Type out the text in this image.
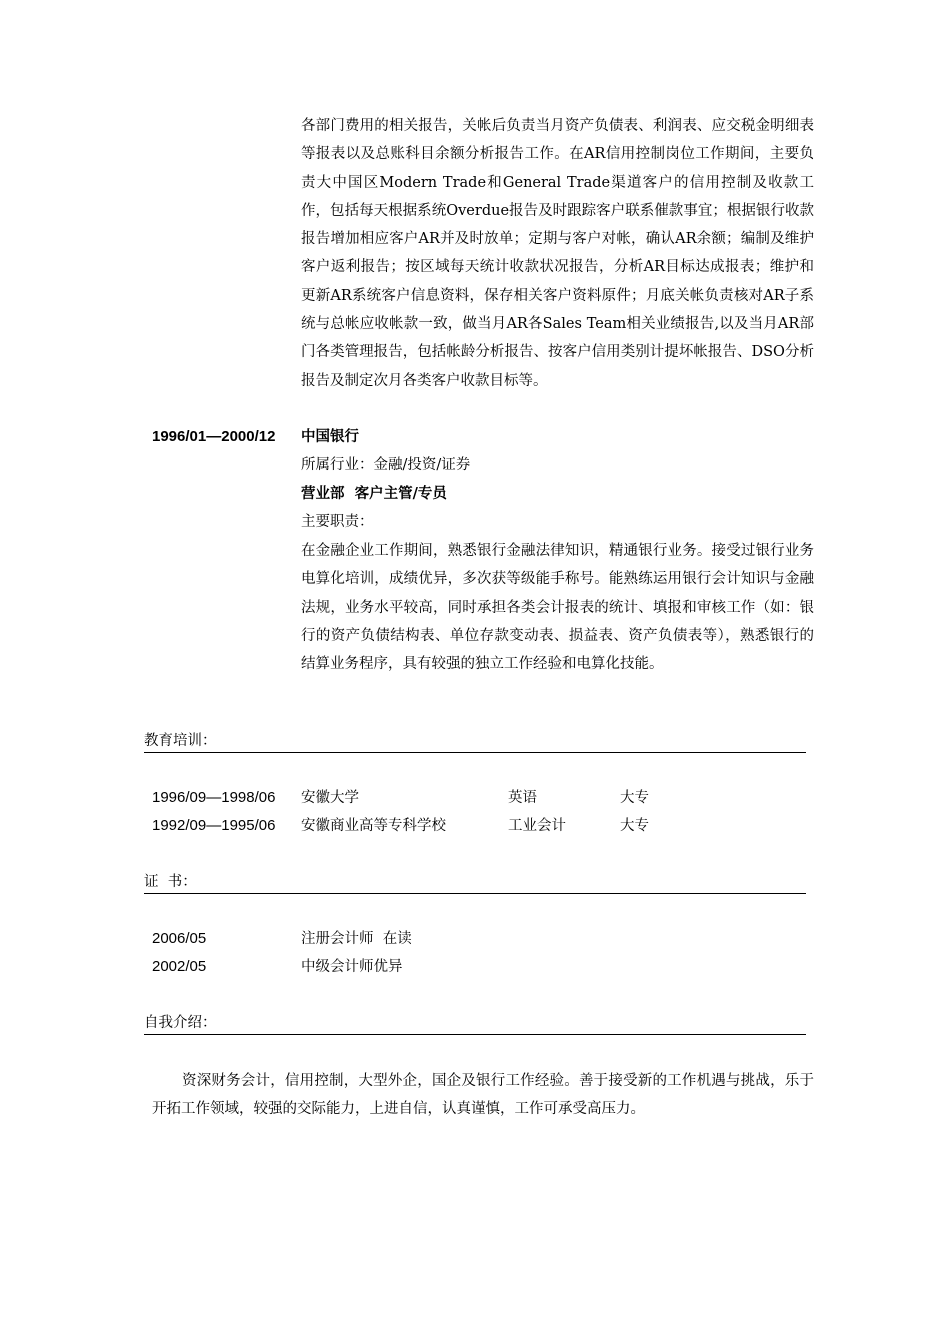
各部门费用的相关报告，关帐后负责当月资产负债表、利润表、应交税金明细表等报表以及总账科目余额分析报告工作。在AR信用控制岗位工作期间，主要负责大中国区Modern Trade和General Trade渠道客户的信用控制及收款工作，包括每天根据系统Overdue报告及时跟踪客户联系催款事宜；根据银行收款报告增加相应客户AR并及时放单；定期与客户对帐，确认AR余额；编制及维护客户返利报告；按区域每天统计收款状况报告，分析AR目标达成报表；维护和更新AR系统客户信息资料，保存相关客户资料原件；月底关帐负责核对AR子系统与总帐应收帐款一致，做当月AR各Sales Team相关业绩报告,以及当月AR部门各类管理报告，包括帐龄分析报告、按客户信用类别计提坏帐报告、DSO分析报告及制定次月各类客户收款目标等。
1996/01—2000/12 中国银行
所属行业：金融/投资/证券
营业部  客户主管/专员
主要职责：
在金融企业工作期间，熟悉银行金融法律知识，精通银行业务。接受过银行业务电算化培训，成绩优异，多次获等级能手称号。能熟练运用银行会计知识与金融法规，业务水平较高，同时承担各类会计报表的统计、填报和审核工作（如：银行的资产负债结构表、单位存款变动表、损益表、资产负债表等），熟悉银行的结算业务程序，具有较强的独立工作经验和电算化技能。
教育培训：
1996/09—1998/06 安徽大学	英语	大专
1992/09—1995/06 安徽商业高等专科学校	工业会计	大专
证  书：
2006/05	注册会计师  在读
2002/05	中级会计师优异
自我介绍：
资深财务会计，信用控制，大型外企，国企及银行工作经验。善于接受新的工作机遇与挑战，乐于开拓工作领域，较强的交际能力，上进自信，认真谨慎，工作可承受高压力。
